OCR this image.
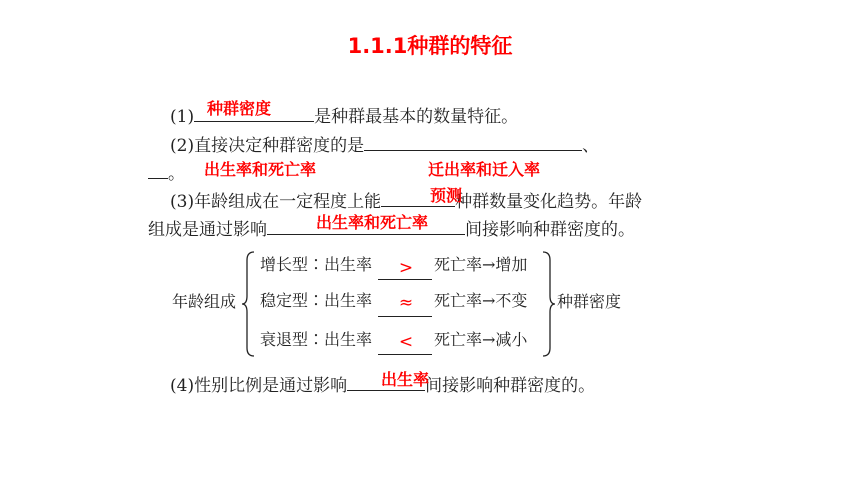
1.1.1种群的特征
(1)	是种群最基本的数量特征。
种群密度
(2)直接决定种群密度的是	、
。 出生率和死亡率	迁出率和迁入率
(3)年龄组成在一定程度上能	种群数量变化趋势。年龄
预测
组成是通过影响	间接影响种群密度的。
出生率和死亡率
年龄组成
增长型∶出生率	>	死亡率→增加
稳定型∶出生率	≈	死亡率→不变
衰退型∶出生率	<	死亡率→减小
种群密度
(4)性别比例是通过影响	间接影响种群密度的。
出生率
